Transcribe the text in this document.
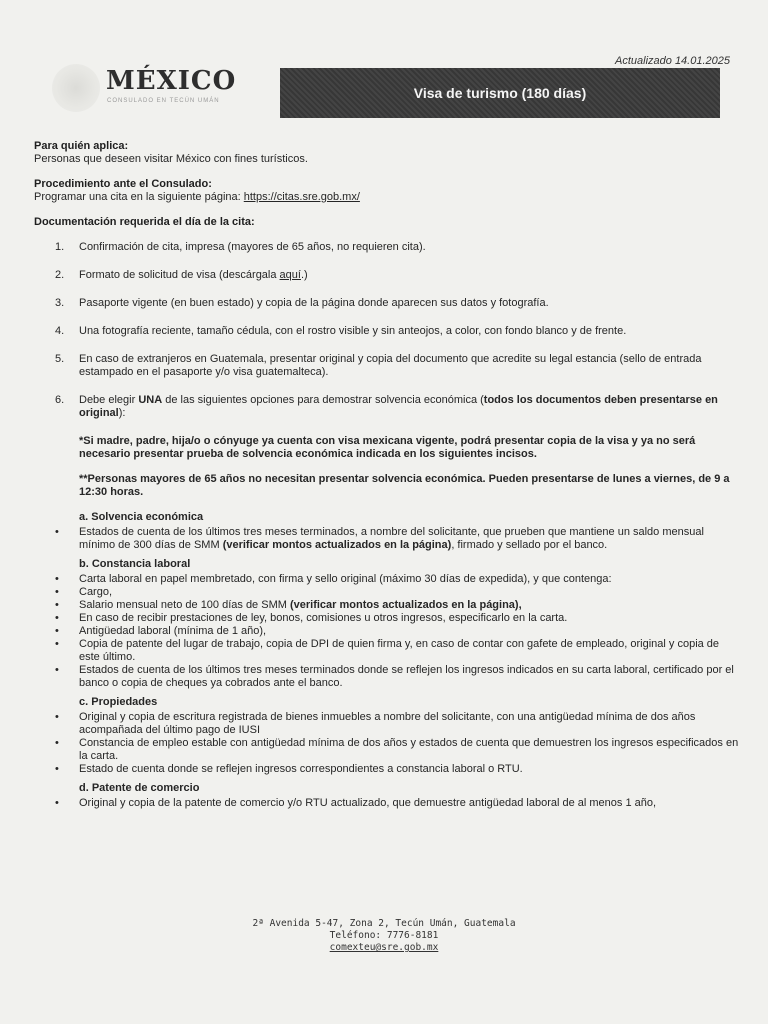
Actualizado 14.01.2025
MÉXICO
CONSULADO EN TECÚN UMÁN	Visa de turismo (180 días)
Para quién aplica:
Personas que deseen visitar México con fines turísticos.
Procedimiento ante el Consulado:
Programar una cita en la siguiente página: https://citas.sre.gob.mx/
Documentación requerida el día de la cita:
1. Confirmación de cita, impresa (mayores de 65 años, no requieren cita).
2. Formato de solicitud de visa (descárgala aquí.)
3. Pasaporte vigente (en buen estado) y copia de la página donde aparecen sus datos y fotografía.
4. Una fotografía reciente, tamaño cédula, con el rostro visible y sin anteojos, a color, con fondo blanco y de frente.
5. En caso de extranjeros en Guatemala, presentar original y copia del documento que acredite su legal estancia (sello de entrada estampado en el pasaporte y/o visa guatemalteca).
6. Debe elegir UNA de las siguientes opciones para demostrar solvencia económica (todos los documentos deben presentarse en original):
*Si madre, padre, hija/o o cónyuge ya cuenta con visa mexicana vigente, podrá presentar copia de la visa y ya no será necesario presentar prueba de solvencia económica indicada en los siguientes incisos.
**Personas mayores de 65 años no necesitan presentar solvencia económica. Pueden presentarse de lunes a viernes, de 9 a 12:30 horas.
a. Solvencia económica
• Estados de cuenta de los últimos tres meses terminados, a nombre del solicitante, que prueben que mantiene un saldo mensual mínimo de 300 días de SMM (verificar montos actualizados en la página), firmado y sellado por el banco.
b. Constancia laboral
• Carta laboral en papel membretado, con firma y sello original (máximo 30 días de expedida), y que contenga:
• Cargo,
• Salario mensual neto de 100 días de SMM (verificar montos actualizados en la página),
• En caso de recibir prestaciones de ley, bonos, comisiones u otros ingresos, especificarlo en la carta.
• Antigüedad laboral (mínima de 1 año),
• Copia de patente del lugar de trabajo, copia de DPI de quien firma y, en caso de contar con gafete de empleado, original y copia de este último.
• Estados de cuenta de los últimos tres meses terminados donde se reflejen los ingresos indicados en su carta laboral, certificado por el banco o copia de cheques ya cobrados ante el banco.
c. Propiedades
• Original y copia de escritura registrada de bienes inmuebles a nombre del solicitante, con una antigüedad mínima de dos años acompañada del último pago de IUSI
• Constancia de empleo estable con antigüedad mínima de dos años y estados de cuenta que demuestren los ingresos especificados en la carta.
• Estado de cuenta donde se reflejen ingresos correspondientes a constancia laboral o RTU.
d. Patente de comercio
• Original y copia de la patente de comercio y/o RTU actualizado, que demuestre antigüedad laboral de al menos 1 año,
2ª Avenida 5-47, Zona 2, Tecún Umán, Guatemala
Teléfono: 7776-8181
comexteu@sre.gob.mx
